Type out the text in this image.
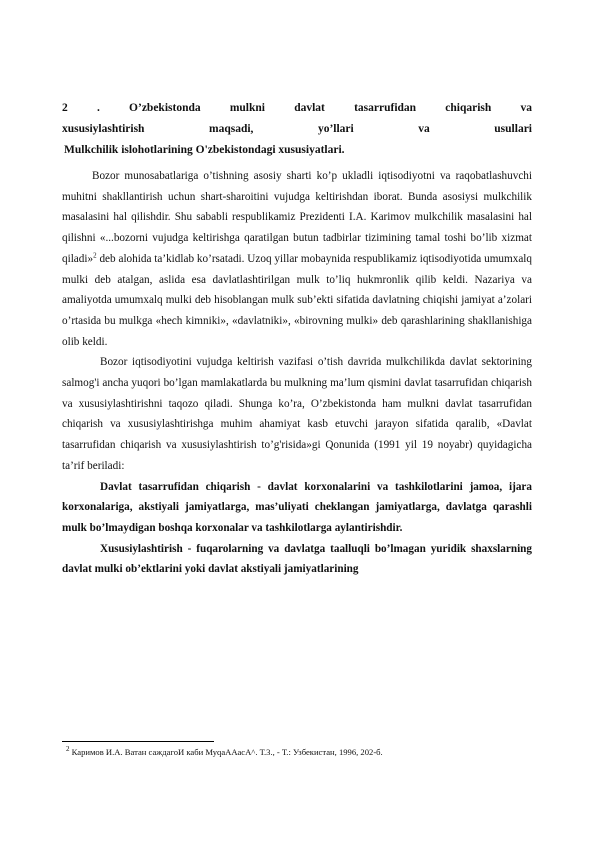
2 . O’zbekistonda mulkni davlat tasarrufidan chiqarish va
xususiylashtirish maqsadi, yo’llari va usullari
Mulkchilik islohotlarining O'zbekistondagi xususiyatlari.

Bozor munosabatlariga o’tishning asosiy sharti ko’p ukladli iqtisodiyotni va raqobatlashuvchi muhitni shakllantirish uchun shart-sharoitini vujudga keltirishdan iborat. Bunda asosiysi mulkchilik masalasini hal qilishdir. Shu sababli respublikamiz Prezidenti I.A. Karimov mulkchilik masalasini hal qilishni «...bozorni vujudga keltirishga qaratilgan butun tadbirlar tizimining tamal toshi bo’lib xizmat qiladi»$^2$ deb alohida ta’kidlab ko’rsatadi. Uzoq yillar mobaynida respublikamiz iqtisodiyotida umumxalq mulki deb atalgan, aslida esa davlatlashtirilgan mulk to’liq hukmronlik qilib keldi. Nazariya va amaliyotda umumxalq mulki deb hisoblangan mulk sub’ekti sifatida davlatning chiqishi jamiyat a’zolari o’rtasida bu mulkga «hech kimniki», «davlatniki», «birovning mulki» deb qarashlarining shakllanishiga olib keldi.

Bozor iqtisodiyotini vujudga keltirish vazifasi o’tish davrida mulkchilikda davlat sektorining salmog'i ancha yuqori bo’lgan mamlakatlarda bu mulkning ma’lum qismini davlat tasarrufidan chiqarish va xususiylashtirishni taqozo qiladi. Shunga ko’ra, O’zbekistonda ham mulkni davlat tasarrufidan chiqarish va xususiylashtirishga muhim ahamiyat kasb etuvchi jarayon sifatida qaralib, «Davlat tasarrufidan chiqarish va xususiylashtirish to’g'risida»gi Qonunida (1991 yil 19 noyabr) quyidagicha ta’rif beriladi:

Davlat tasarrufidan chiqarish - davlat korxonalarini va tashkilotlarini jamoa, ijara korxonalariga, akstiyali jamiyatlarga, mas’uliyati cheklangan jamiyatlarga, davlatga qarashli mulk bo’lmaydigan boshqa korxonalar va tashkilotlarga aylantirishdir.

Xususiylashtirish - fuqarolarning va davlatga taalluqli bo’lmagan yuridik shaxslarning davlat mulki ob’ektlarini yoki davlat akstiyali jamiyatlarining

$^2$ Каримов И.А. Ватан саждагоИ каби МуqaААасА^. Т.3., - Т.: Узбекистан, 1996, 202-б.
